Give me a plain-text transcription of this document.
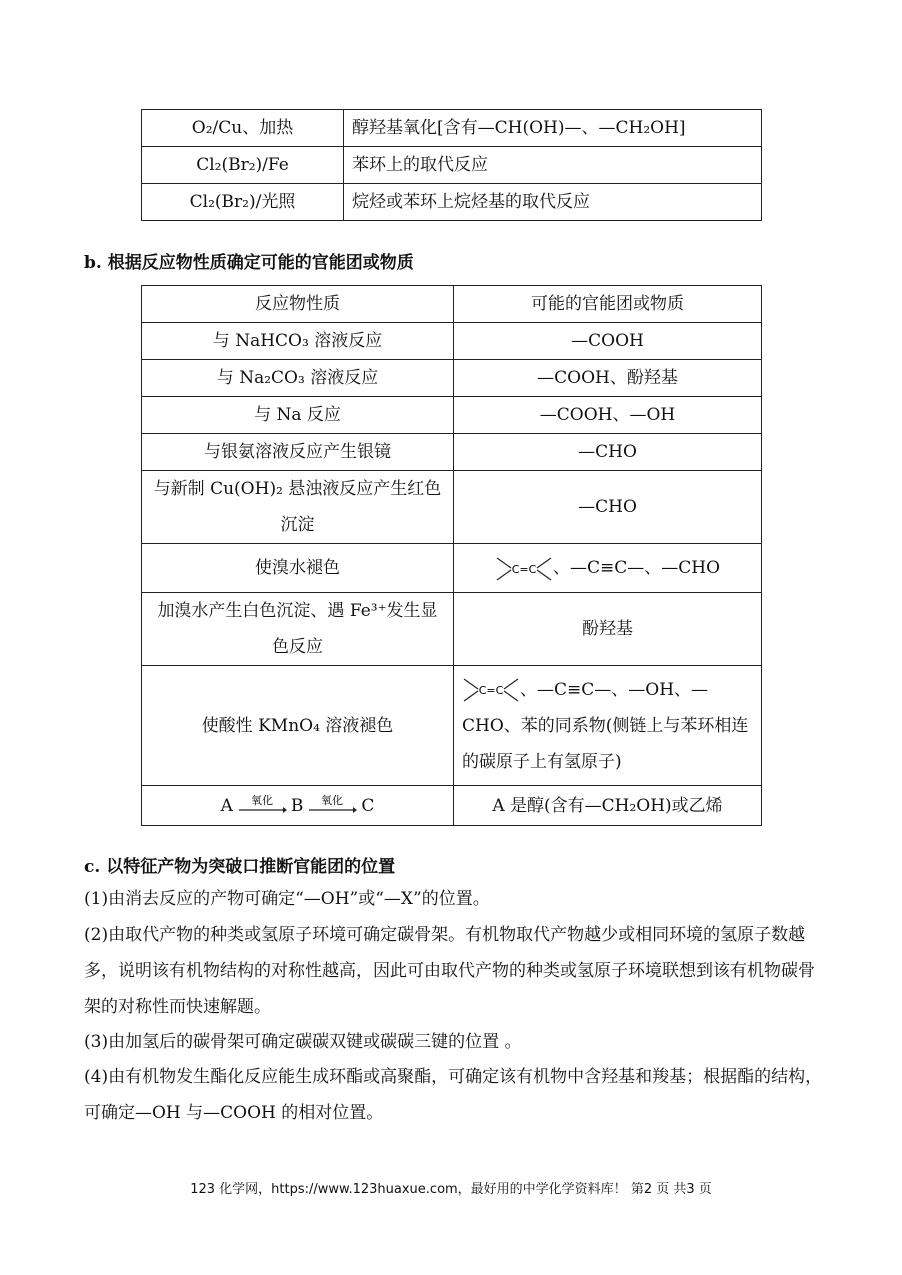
O₂/Cu、加热	醇羟基氧化[含有—CH(OH)—、—CH₂OH]
Cl₂(Br₂)/Fe	苯环上的取代反应
Cl₂(Br₂)/光照	烷烃或苯环上烷烃基的取代反应
b. 根据反应物性质确定可能的官能团或物质
反应物性质	可能的官能团或物质
与 NaHCO₃ 溶液反应	—COOH
与 Na₂CO₃ 溶液反应	—COOH、酚羟基
与 Na 反应	—COOH、—OH
与银氨溶液反应产生银镜	—CHO
与新制 Cu(OH)₂ 悬浊液反应产生红色沉淀	—CHO
使溴水褪色	C=C 、—C≡C—、—CHO
加溴水产生白色沉淀、遇 Fe³⁺发生显色反应	酚羟基
使酸性 KMnO₄ 溶液褪色	C=C 、—C≡C—、—OH、—CHO、苯的同系物(侧链上与苯环相连的碳原子上有氢原子)

A 氧化 B 氧化 C	A 是醇(含有—CH₂OH)或乙烯
c. 以特征产物为突破口推断官能团的位置
(1)由消去反应的产物可确定“—OH”或“—X”的位置。
(2)由取代产物的种类或氢原子环境可确定碳骨架。有机物取代产物越少或相同环境的氢原子数越多，说明该有机物结构的对称性越高，因此可由取代产物的种类或氢原子环境联想到该有机物碳骨架的对称性而快速解题。
(3)由加氢后的碳骨架可确定碳碳双键或碳碳三键的位置 。
(4)由有机物发生酯化反应能生成环酯或高聚酯，可确定该有机物中含羟基和羧基；根据酯的结构，可确定—OH 与—COOH 的相对位置。
123 化学网，https://www.123huaxue.com，最好用的中学化学资料库！ 第2 页 共3 页
